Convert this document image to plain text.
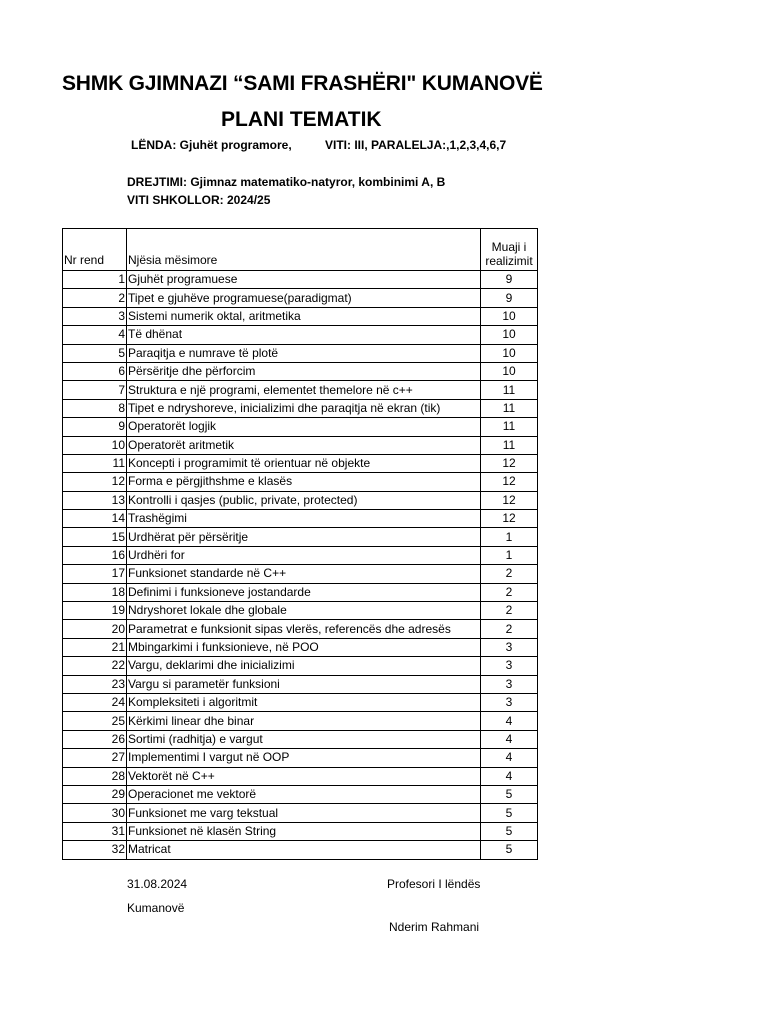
SHMK GJIMNAZI “SAMI FRASHËRI" KUMANOVË
PLANI TEMATIK
LËNDA: Gjuhët programore,	VITI: III, PARALELJA:,1,2,3,4,6,7
DREJTIMI: Gjimnaz matematiko-natyror, kombinimi A, B
VITI SHKOLLOR: 2024/25
Nr rend	Njësia mësimore	Muaji i realizimit
1	Gjuhët programuese	9
2	Tipet e gjuhëve programuese(paradigmat)	9
3	Sistemi numerik oktal, aritmetika	10
4	Të dhënat	10
5	Paraqitja e numrave të plotë	10
6	Përsëritje dhe përforcim	10
7	Struktura e një programi, elementet themelore në c++	11
8	Tipet e ndryshoreve, inicializimi dhe paraqitja në ekran (tik)	11
9	Operatorët logjik	11
10	Operatorët aritmetik	11
11	Koncepti i programimit të orientuar në objekte	12
12	Forma e përgjithshme e klasës	12
13	Kontrolli i qasjes (public, private, protected)	12
14	Trashëgimi	12
15	Urdhërat për përsëritje	1
16	Urdhëri for	1
17	Funksionet standarde në C++	2
18	Definimi i funksioneve jostandarde	2
19	Ndryshoret lokale dhe globale	2
20	Parametrat e funksionit sipas vlerës, referencës dhe adresës	2
21	Mbingarkimi i funksionieve, në POO	3
22	Vargu, deklarimi dhe inicializimi	3
23	Vargu si parametër funksioni	3
24	Kompleksiteti i algoritmit	3
25	Kërkimi linear dhe binar	4
26	Sortimi (radhitja) e vargut	4
27	Implementimi I vargut në OOP	4
28	Vektorët në C++	4
29	Operacionet me vektorë	5
30	Funksionet me varg tekstual	5
31	Funksionet në klasën String	5
32	Matricat	5
31.08.2024
Kumanovë
Profesori I lëndës
Nderim Rahmani
